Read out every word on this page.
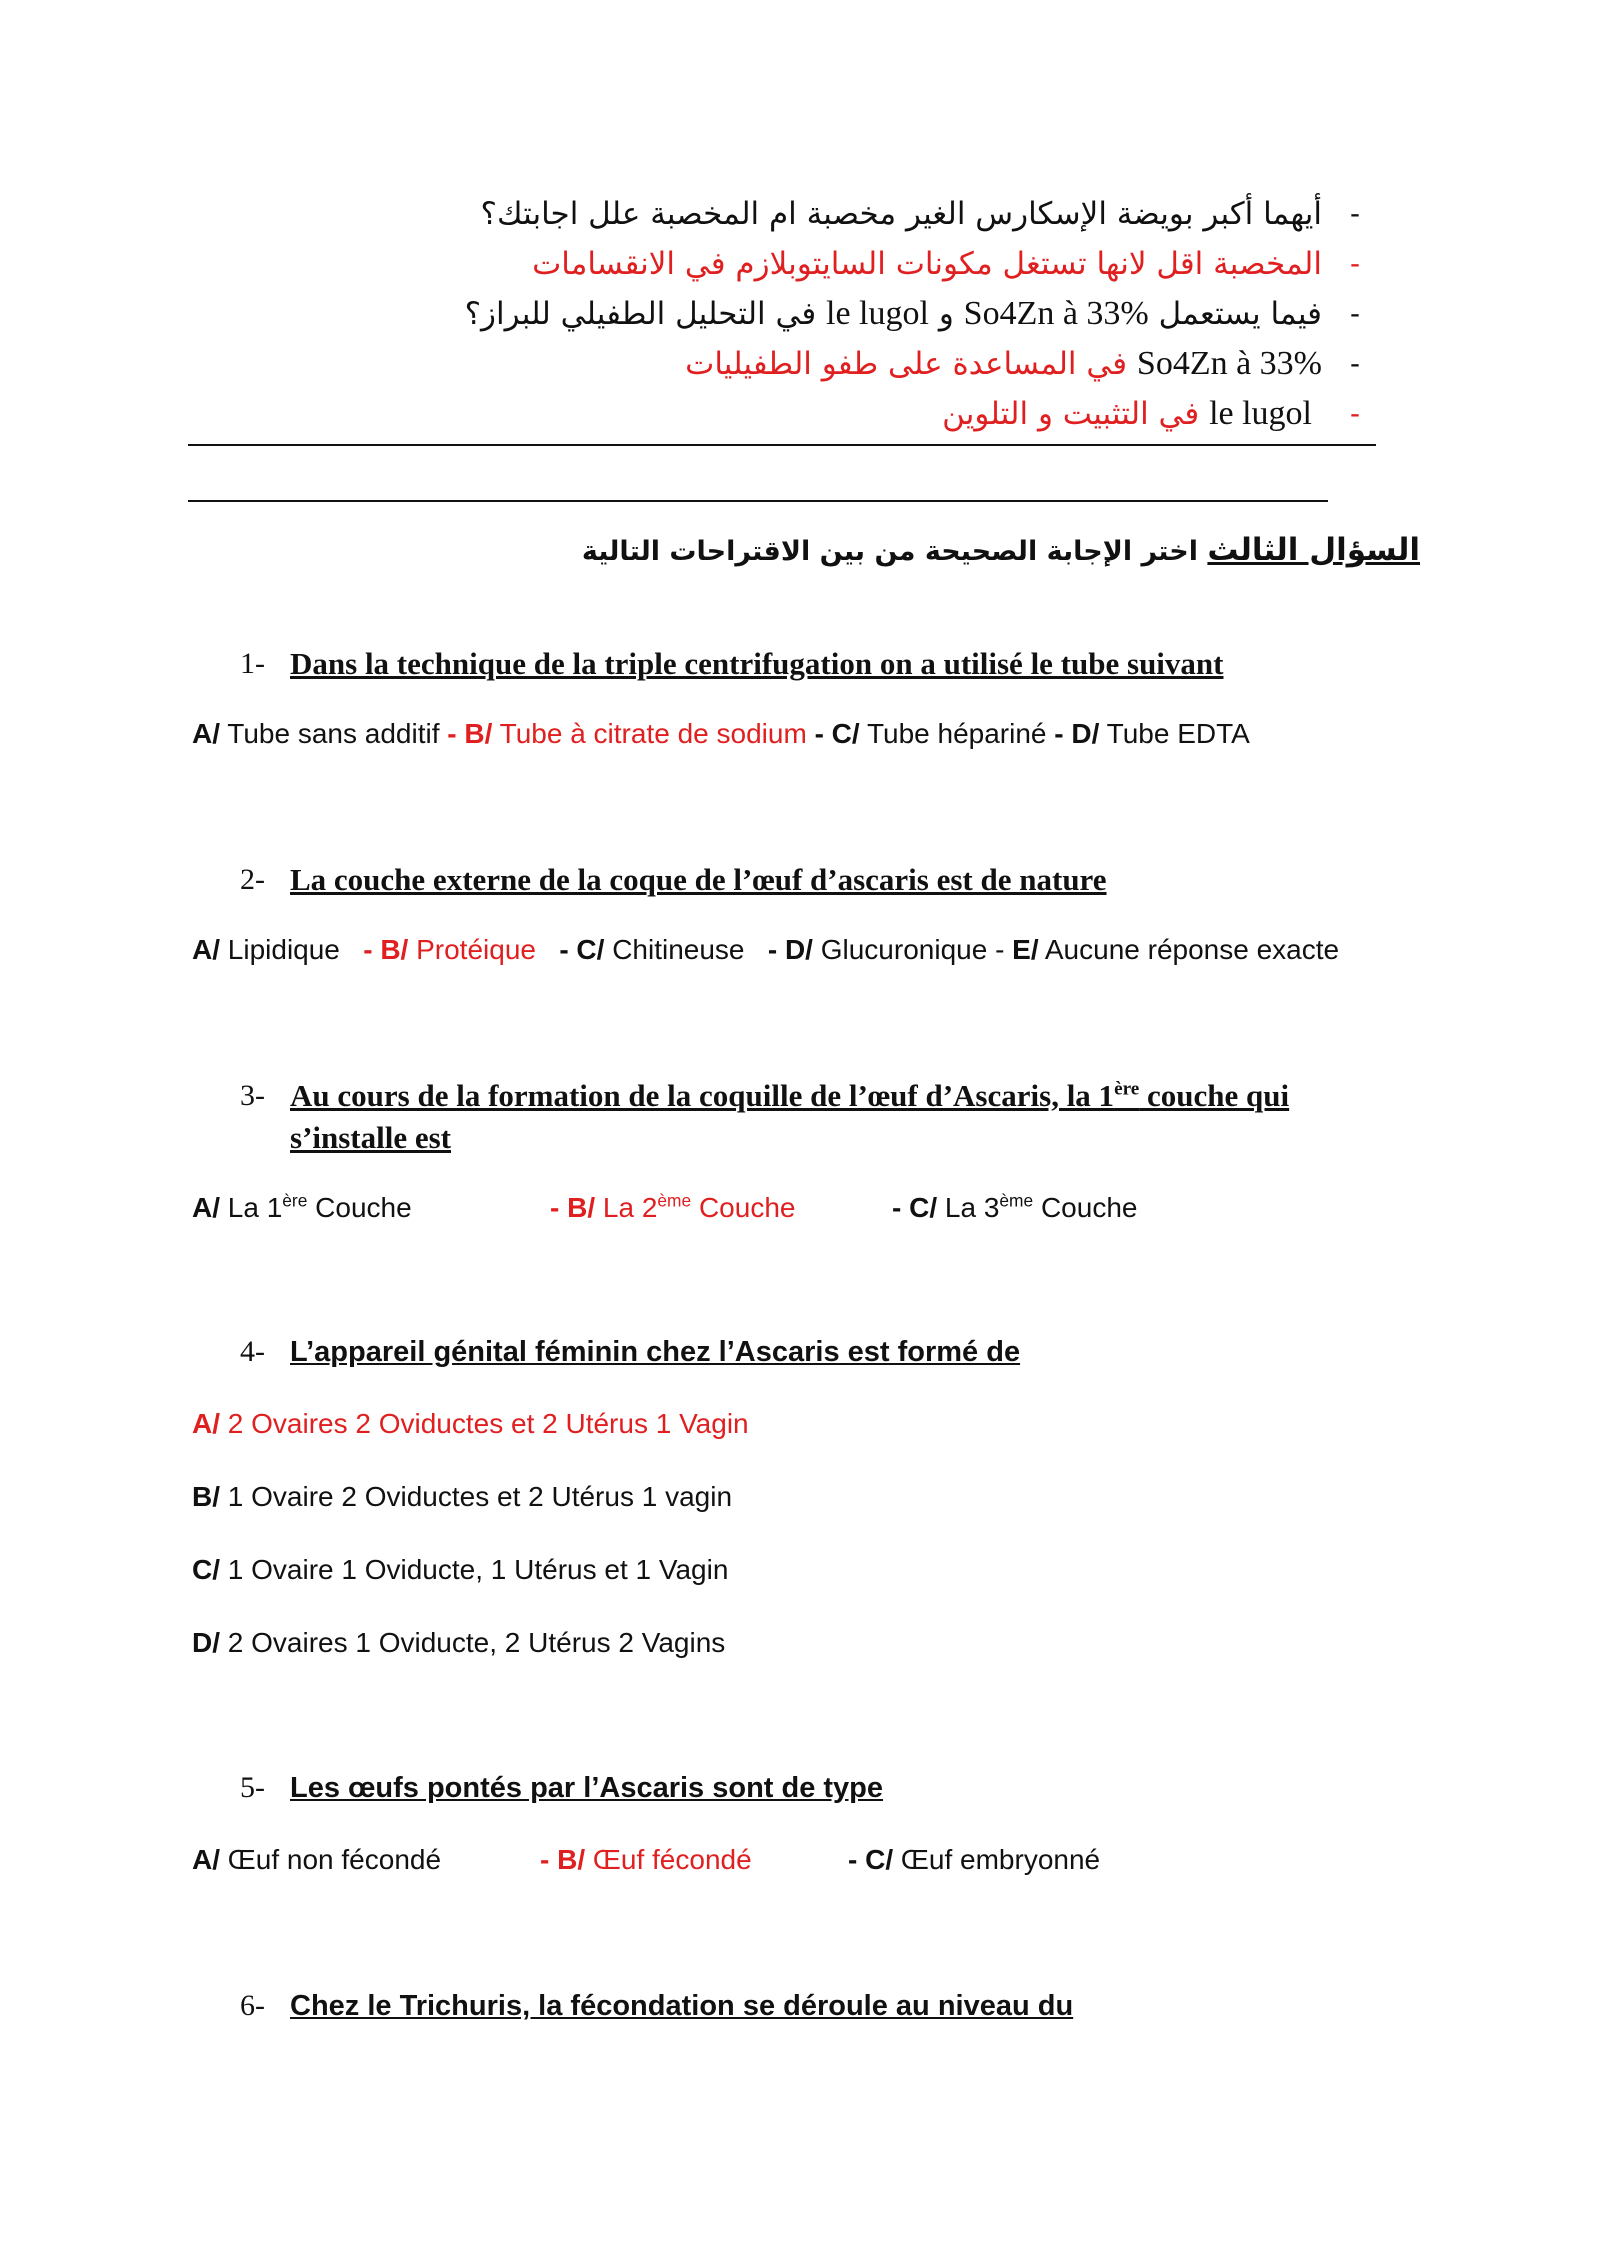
-
أيهما أكبر بويضة الإسكارس الغير مخصبة ام المخصبة علل اجابتك؟
-
المخصبة اقل لانها تستغل مكونات السايتوبلازم في الانقسامات
-
فيما يستعمل So4Zn à 33% و le lugol في التحليل الطفيلي للبراز؟
-
So4Zn à 33% في المساعدة على طفو الطفيليات
-
le lugol في التثبيت و التلوين
السؤال الثالث اختر الإجابة الصحيحة من بين الاقتراحات التالية
1- Dans la technique de la triple centrifugation on a utilisé le tube suivant
A/ Tube sans additif - B/ Tube à citrate de sodium - C/ Tube hépariné - D/ Tube EDTA
2- La couche externe de la coque de l’œuf d’ascaris est de nature
A/ Lipidique   - B/ Protéique   - C/ Chitineuse   - D/ Glucuronique - E/ Aucune réponse exacte
3- Au cours de la formation de la coquille de l’œuf d’Ascaris, la 1ère couche qui
s’installe est
A/ La 1ère Couche	- B/ La 2ème Couche	- C/ La 3ème Couche
4- L’appareil génital féminin chez l’Ascaris est formé de
A/ 2 Ovaires 2 Oviductes et 2 Utérus 1 Vagin
B/ 1 Ovaire 2 Oviductes et 2 Utérus 1 vagin
C/ 1 Ovaire 1 Oviducte, 1 Utérus et 1 Vagin
D/ 2 Ovaires 1 Oviducte, 2 Utérus 2 Vagins
5- Les œufs pontés par l’Ascaris sont de type
A/ Œuf non fécondé	- B/ Œuf fécondé	- C/ Œuf embryonné
6- Chez le Trichuris, la fécondation se déroule au niveau du
